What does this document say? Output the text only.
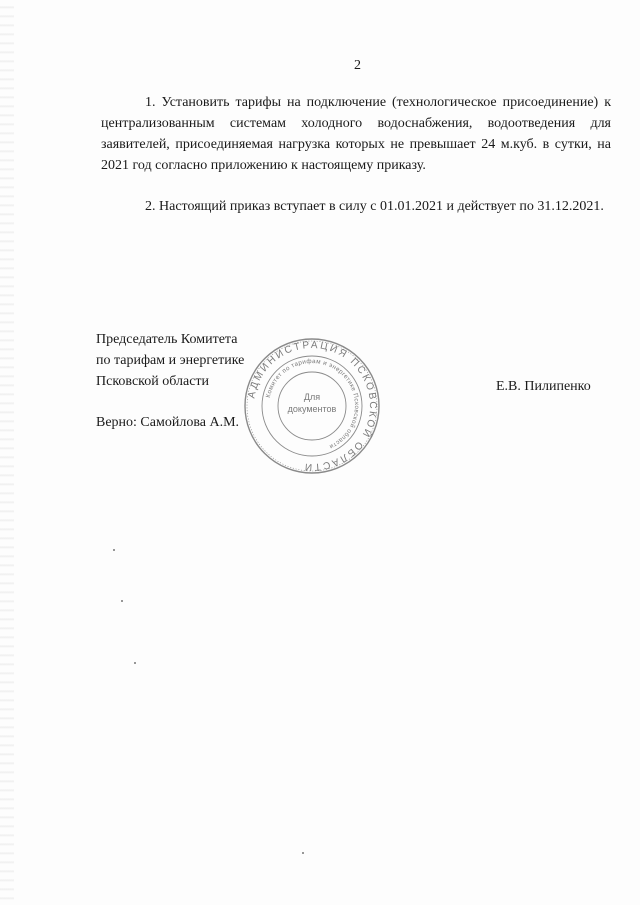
2
1. Установить тарифы на подключение (технологическое присоединение) к централизованным системам холодного водоснабжения, водоотведения для заявителей, присоединяемая нагрузка которых не превышает 24 м.куб. в сутки, на 2021 год согласно приложению к настоящему приказу.
2. Настоящий приказ вступает в силу с 01.01.2021 и действует по 31.12.2021.
Председатель Комитета
по тарифам и энергетике
Псковской области	Е.В. Пилипенко
Верно: Самойлова А.М.
АДМИНИСТРАЦИЯ ПСКОВСКОЙ ОБЛАСТИ
Комитет по тарифам и энергетике Псковской области
Для
документов
